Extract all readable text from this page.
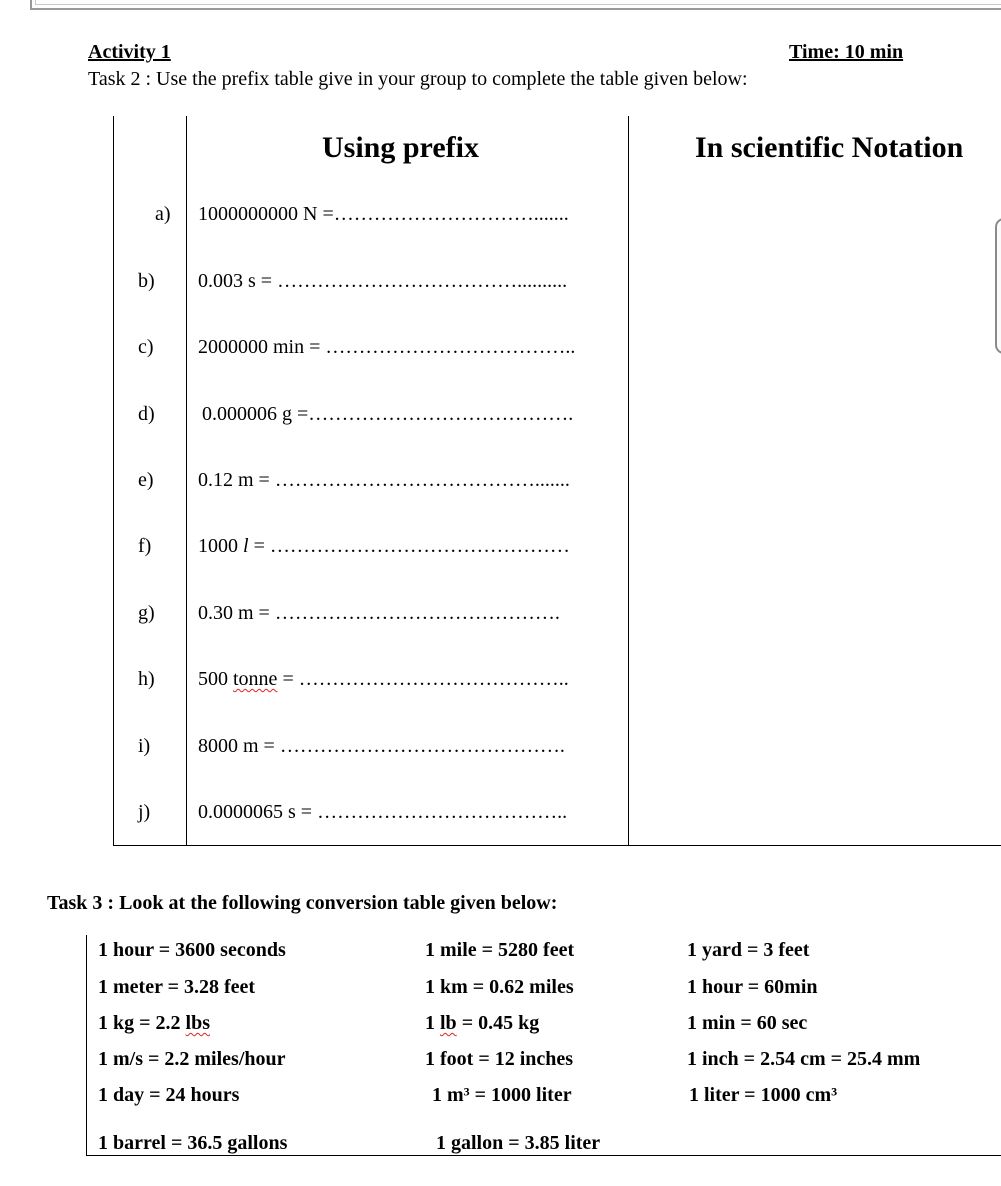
Activity 1	Time: 10 min
Task 2 : Use the prefix table give in your group to complete the table given below:
Using prefix	In scientific Notation
a) 1000000000 N =………………………….......
b) 0.003 s = ………………………………..........
c) 2000000 min = ………………………………..
d) 0.000006 g =………………………………….
e) 0.12 m = ………………………………….......
f) 1000 l = ………………………………………
g) 0.30 m = …………………………………….
h) 500 tonne = …………………………………..
i) 8000 m = …………………………………….
j) 0.0000065 s = ………………………………..
Task 3 : Look at the following conversion table given below:
1 hour = 3600 seconds
1 meter = 3.28 feet
1 kg = 2.2 lbs
1 m/s = 2.2 miles/hour
1 day = 24 hours
1 barrel = 36.5 gallons
1 mile = 5280 feet
1 km = 0.62 miles
1 lb = 0.45 kg
1 foot = 12 inches
1 m³ = 1000 liter
1 gallon = 3.85 liter
1 yard = 3 feet
1 hour = 60min
1 min = 60 sec
1 inch = 2.54 cm = 25.4 mm
1 liter = 1000 cm³
